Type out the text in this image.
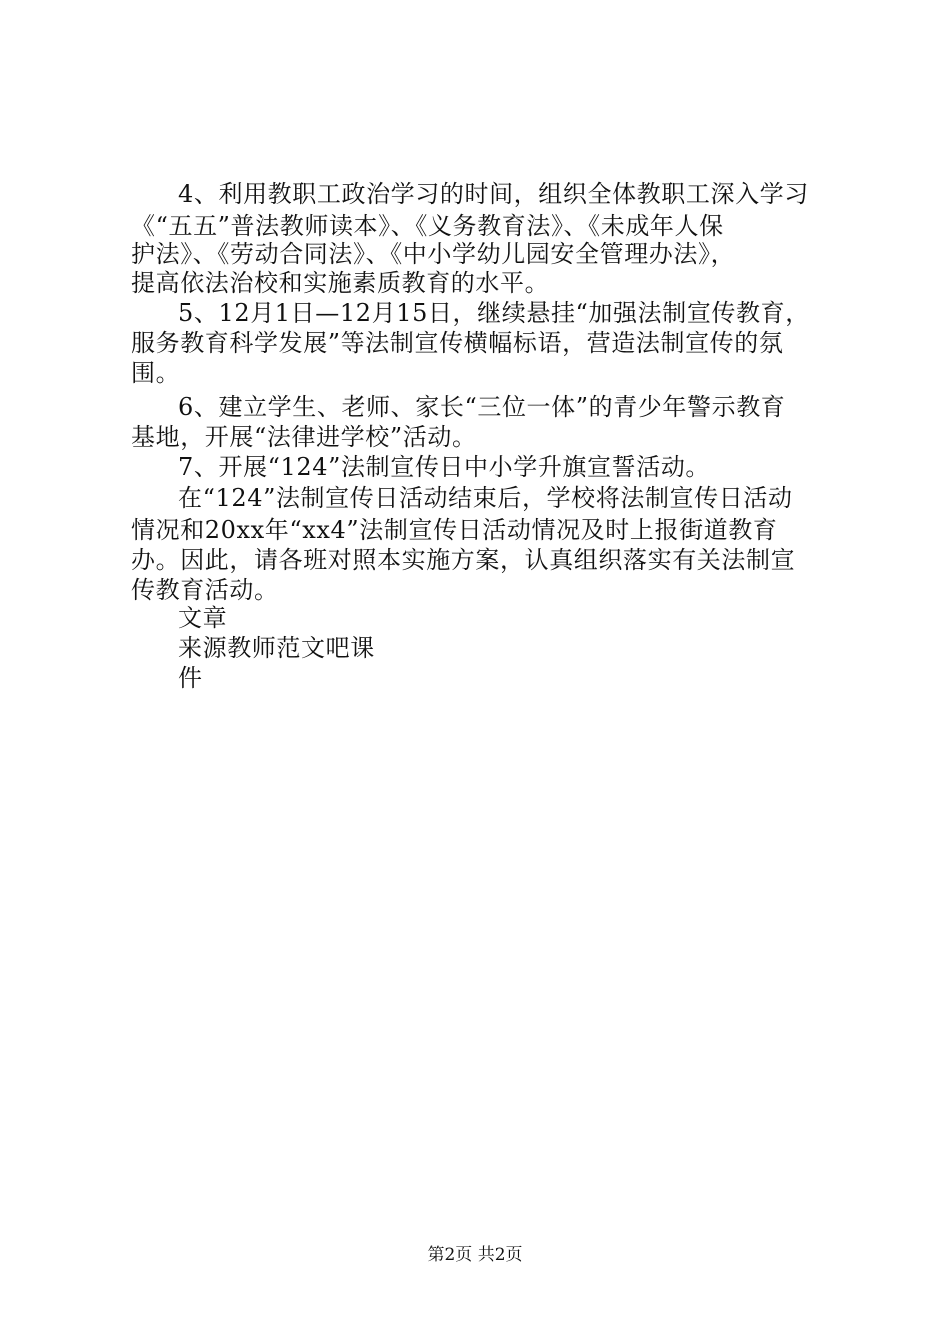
4、利用教职工政治学习的时间，组织全体教职工深入学习
《“五五”普法教师读本》、《义务教育法》、《未成年人保
护法》、《劳动合同法》、《中小学幼儿园安全管理办法》，
提高依法治校和实施素质教育的水平。
5、12月1日—12月15日，继续悬挂“加强法制宣传教育，
服务教育科学发展”等法制宣传横幅标语，营造法制宣传的氛
围。
6、建立学生、老师、家长“三位一体”的青少年警示教育
基地，开展“法律进学校”活动。
7、开展“124”法制宣传日中小学升旗宣誓活动。
在“124”法制宣传日活动结束后，学校将法制宣传日活动
情况和20xx年“xx4”法制宣传日活动情况及时上报街道教育
办。因此，请各班对照本实施方案，认真组织落实有关法制宣
传教育活动。
文章
来源教师范文吧课
件
第2页 共2页
